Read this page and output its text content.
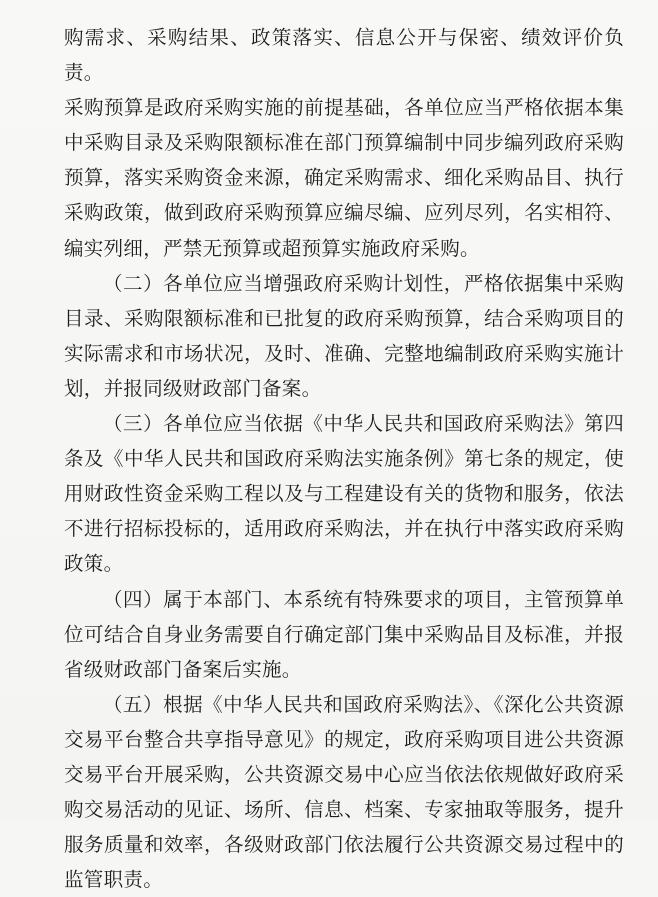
购需求、采购结果、政策落实、信息公开与保密、绩效评价负责。

采购预算是政府采购实施的前提基础，各单位应当严格依据本集中采购目录及采购限额标准在部门预算编制中同步编列政府采购预算，落实采购资金来源，确定采购需求、细化采购品目、执行采购政策，做到政府采购预算应编尽编、应列尽列，名实相符、编实列细，严禁无预算或超预算实施政府采购。

（二）各单位应当增强政府采购计划性，严格依据集中采购目录、采购限额标准和已批复的政府采购预算，结合采购项目的实际需求和市场状况，及时、准确、完整地编制政府采购实施计划，并报同级财政部门备案。

（三）各单位应当依据《中华人民共和国政府采购法》第四条及《中华人民共和国政府采购法实施条例》第七条的规定，使用财政性资金采购工程以及与工程建设有关的货物和服务，依法不进行招标投标的，适用政府采购法，并在执行中落实政府采购政策。

（四）属于本部门、本系统有特殊要求的项目，主管预算单位可结合自身业务需要自行确定部门集中采购品目及标准，并报省级财政部门备案后实施。

（五）根据《中华人民共和国政府采购法》、《深化公共资源交易平台整合共享指导意见》的规定，政府采购项目进公共资源交易平台开展采购，公共资源交易中心应当依法依规做好政府采购交易活动的见证、场所、信息、档案、专家抽取等服务，提升服务质量和效率，各级财政部门依法履行公共资源交易过程中的监管职责。
